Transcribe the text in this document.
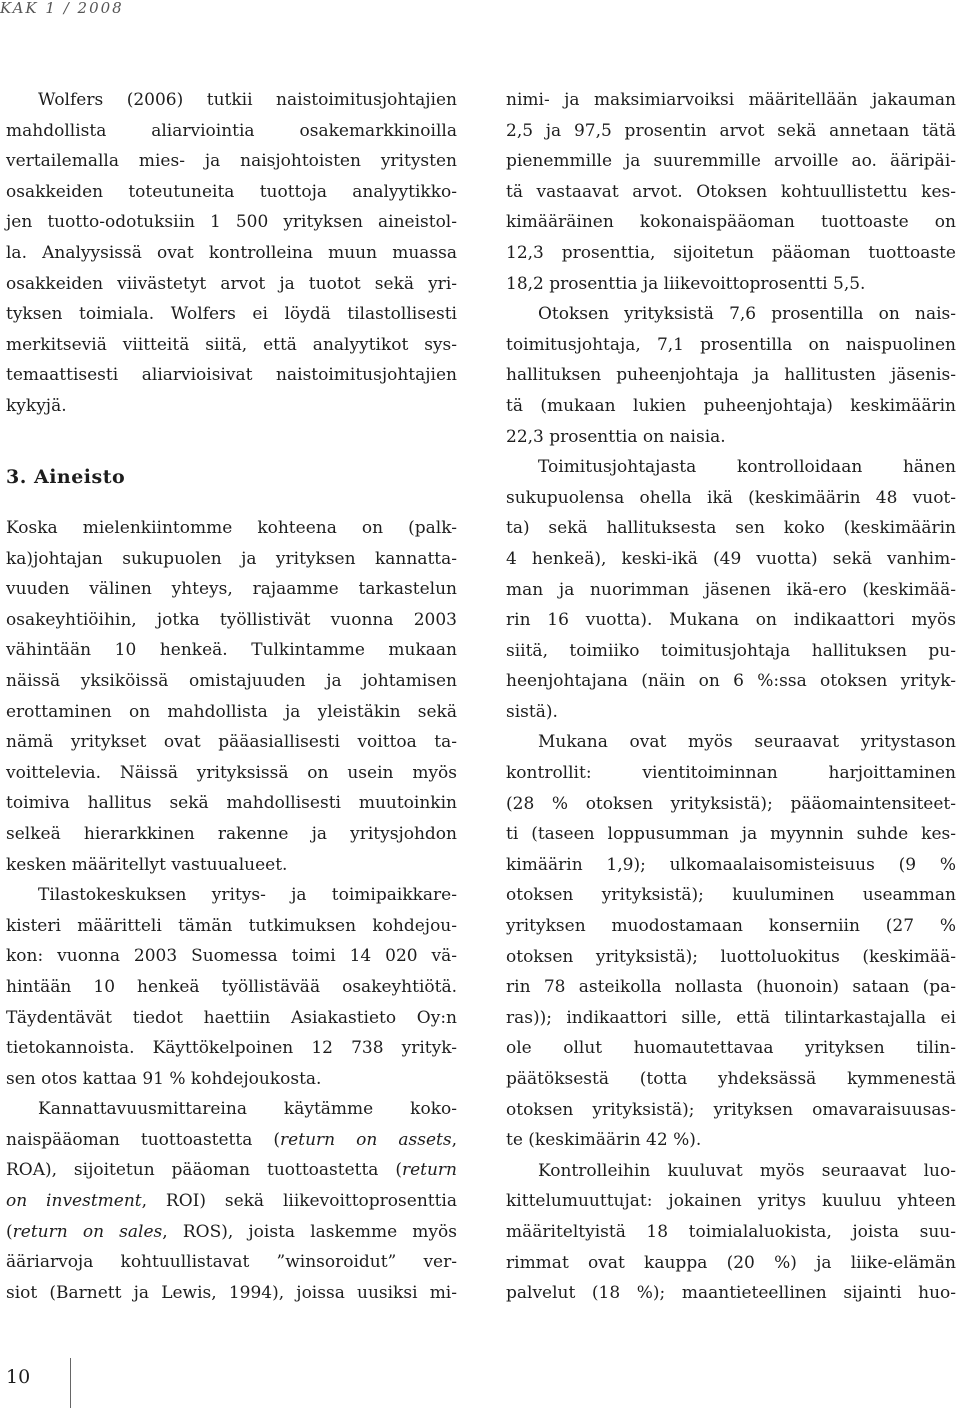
KAK 1 / 2008
Wolfers (2006) tutkii naistoimitusjohtajien
mahdollista aliarviointia osakemarkkinoilla
vertailemalla mies- ja naisjohtoisten yritysten
osakkeiden toteutuneita tuottoja analyytikko-
jen tuotto-odotuksiin 1 500 yrityksen aineistol-
la. Analyysissä ovat kontrolleina muun muassa
osakkeiden viivästetyt arvot ja tuotot sekä yri-
tyksen toimiala. Wolfers ei löydä tilastollisesti
merkitseviä viitteitä siitä, että analyytikot sys-
temaattisesti aliarvioisivat naistoimitusjohtajien
kykyjä.
3. Aineisto
Koska mielenkiintomme kohteena on (palk-
ka)johtajan sukupuolen ja yrityksen kannatta-
vuuden välinen yhteys, rajaamme tarkastelun
osakeyhtiöihin, jotka työllistivät vuonna 2003
vähintään 10 henkeä. Tulkintamme mukaan
näissä yksiköissä omistajuuden ja johtamisen
erottaminen on mahdollista ja yleistäkin sekä
nämä yritykset ovat pääasiallisesti voittoa ta-
voittelevia. Näissä yrityksissä on usein myös
toimiva hallitus sekä mahdollisesti muutoinkin
selkeä hierarkkinen rakenne ja yritysjohdon
kesken määritellyt vastuualueet.
Tilastokeskuksen yritys- ja toimipaikkare-
kisteri määritteli tämän tutkimuksen kohdejou-
kon: vuonna 2003 Suomessa toimi 14 020 vä-
hintään 10 henkeä työllistävää osakeyhtiötä.
Täydentävät tiedot haettiin Asiakastieto Oy:n
tietokannoista. Käyttökelpoinen 12 738 yrityk-
sen otos kattaa 91 % kohdejoukosta.
Kannattavuusmittareina käytämme koko-
naispääoman tuottoastetta (return on assets,
ROA), sijoitetun pääoman tuottoastetta (return
on investment, ROI) sekä liikevoittoprosenttia
(return on sales, ROS), joista laskemme myös
ääriarvoja kohtuullistavat ”winsoroidut” ver-
siot (Barnett ja Lewis, 1994), joissa uusiksi mi-
nimi- ja maksimiarvoiksi määritellään jakauman
2,5 ja 97,5 prosentin arvot sekä annetaan tätä
pienemmille ja suuremmille arvoille ao. ääripäi-
tä vastaavat arvot. Otoksen kohtuullistettu kes-
kimääräinen kokonaispääoman tuottoaste on
12,3 prosenttia, sijoitetun pääoman tuottoaste
18,2 prosenttia ja liikevoittoprosentti 5,5.
Otoksen yrityksistä 7,6 prosentilla on nais-
toimitusjohtaja, 7,1 prosentilla on naispuolinen
hallituksen puheenjohtaja ja hallitusten jäsenis-
tä (mukaan lukien puheenjohtaja) keskimäärin
22,3 prosenttia on naisia.
Toimitusjohtajasta kontrolloidaan hänen
sukupuolensa ohella ikä (keskimäärin 48 vuot-
ta) sekä hallituksesta sen koko (keskimäärin
4 henkeä), keski-ikä (49 vuotta) sekä vanhim-
man ja nuorimman jäsenen ikä-ero (keskimää-
rin 16 vuotta). Mukana on indikaattori myös
siitä, toimiiko toimitusjohtaja hallituksen pu-
heenjohtajana (näin on 6 %:ssa otoksen yrityk-
sistä).
Mukana ovat myös seuraavat yritystason
kontrollit: vientitoiminnan harjoittaminen
(28 % otoksen yrityksistä); pääomaintensiteet-
ti (taseen loppusumman ja myynnin suhde kes-
kimäärin 1,9); ulkomaalaisomisteisuus (9 %
otoksen yrityksistä); kuuluminen useamman
yrityksen muodostamaan konserniin (27 %
otoksen yrityksistä); luottoluokitus (keskimää-
rin 78 asteikolla nollasta (huonoin) sataan (pa-
ras)); indikaattori sille, että tilintarkastajalla ei
ole ollut huomautettavaa yrityksen tilin-
päätöksestä (totta yhdeksässä kymmenestä
otoksen yrityksistä); yrityksen omavaraisuusas-
te (keskimäärin 42 %).
Kontrolleihin kuuluvat myös seuraavat luo-
kittelumuuttujat: jokainen yritys kuuluu yhteen
määriteltyistä 18 toimialaluokista, joista suu-
rimmat ovat kauppa (20 %) ja liike-elämän
palvelut (18 %); maantieteellinen sijainti huo-
10
